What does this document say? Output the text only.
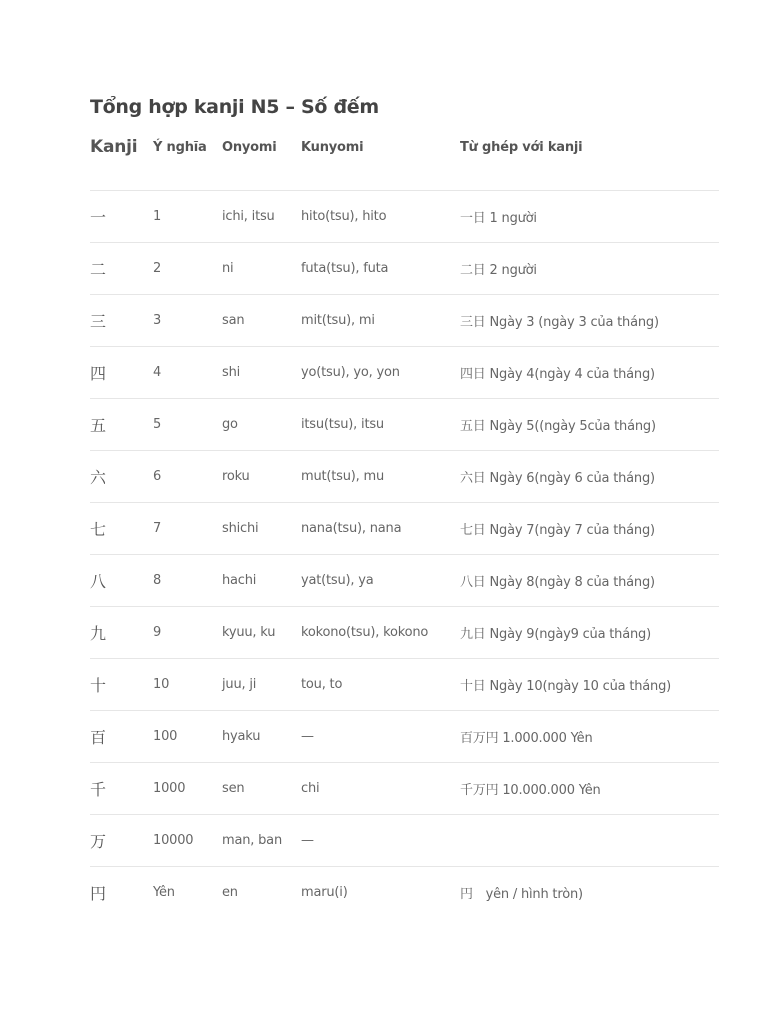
Tổng hợp kanji N5 – Số đếm
Kanji	Ý nghĩa	Onyomi	Kunyomi	Từ ghép với kanji
一	1	ichi, itsu	hito(tsu), hito	一日 1 người
二	2	ni	futa(tsu), futa	二日 2 người
三	3	san	mit(tsu), mi	三日 Ngày 3 (ngày 3 của tháng)
四	4	shi	yo(tsu), yo, yon	四日 Ngày 4(ngày 4 của tháng)
五	5	go	itsu(tsu), itsu	五日 Ngày 5((ngày 5của tháng)
六	6	roku	mut(tsu), mu	六日 Ngày 6(ngày 6 của tháng)
七	7	shichi	nana(tsu), nana	七日 Ngày 7(ngày 7 của tháng)
八	8	hachi	yat(tsu), ya	八日 Ngày 8(ngày 8 của tháng)
九	9	kyuu, ku	kokono(tsu), kokono	九日 Ngày 9(ngày9 của tháng)
十	10	juu, ji	tou, to	十日 Ngày 10(ngày 10 của tháng)
百	100	hyaku	—	百万円 1.000.000 Yên
千	1000	sen	chi	千万円 10.000.000 Yên
万	10000	man, ban	—	
円	Yên	en	maru(i)	円　yên / hình tròn)
